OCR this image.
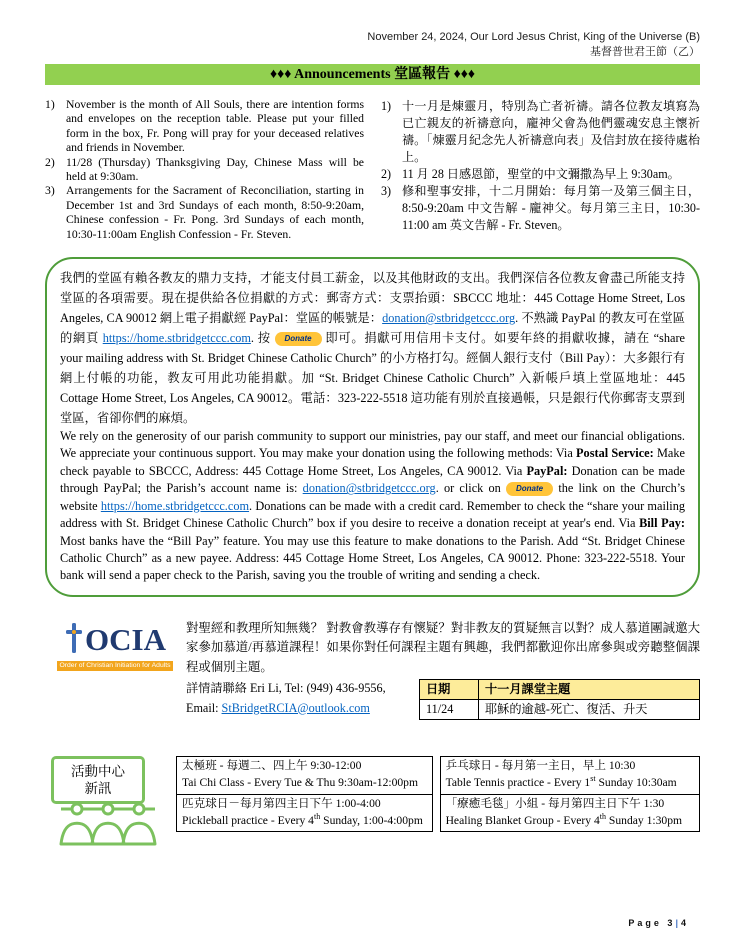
November 24, 2024, Our Lord Jesus Christ, King of the Universe (B)
基督普世君王節（乙）
♦♦♦ Announcements 堂區報告 ♦♦♦
1) November is the month of All Souls, there are intention forms and envelopes on the reception table. Please put your filled form in the box, Fr. Pong will pray for your deceased relatives and friends in November.
2) 11/28 (Thursday) Thanksgiving Day, Chinese Mass will be held at 9:30am.
3) Arrangements for the Sacrament of Reconciliation, starting in December 1st and 3rd Sundays of each month, 8:50-9:20am, Chinese confession - Fr. Pong. 3rd Sundays of each month, 10:30-11:00am English Confession - Fr. Steven.
1) 十一月是煉靈月，特別為亡者祈禱。請各位教友填寫為已亡親友的祈禱意向，龐神父會為他們靈魂安息主懷祈禱。「煉靈月紀念先人祈禱意向表」及信封放在接待處枱上。
2) 11 月 28 日感恩節，聖堂的中文彌撒為早上 9:30am。
3) 修和聖事安排，十二月開始：每月第一及第三個主日，8:50-9:20am 中文告解 - 龐神父。每月第三主日，10:30-11:00 am 英文告解 - Fr. Steven。

我們的堂區有賴各教友的鼎力支持，才能支付員工薪金，以及其他財政的支出。我們深信各位教友會盡己所能支持堂區的各項需要。現在提供給各位捐獻的方式：郵寄方式：支票抬頭：SBCCC 地址：445 Cottage Home Street, Los Angeles, CA 90012 網上電子捐獻經 PayPal：堂區的帳號是：donation@stbridgetccc.org. 不熟識 PayPal 的教友可在堂區的網頁 https://home.stbridgetccc.com. 按 Donate 即可。捐獻可用信用卡支付。如要年終的捐獻收據，請在 “share your mailing address with St. Bridget Chinese Catholic Church” 的小方格打勾。經個人銀行支付（Bill Pay）：大多銀行有網上付帳的功能，教友可用此功能捐獻。加 “St. Bridget Chinese Catholic Church” 入新帳戶填上堂區地址：445 Cottage Home Street, Los Angeles, CA 90012。電話：323-222-5518 這功能有別於直接過帳，只是銀行代你郵寄支票到堂區，省卻你們的麻煩。

We rely on the generosity of our parish community to support our ministries, pay our staff, and meet our financial obligations. We appreciate your continuous support. You may make your donation using the following methods: Via Postal Service: Make check payable to SBCCC, Address: 445 Cottage Home Street, Los Angeles, CA 90012. Via PayPal: Donation can be made through PayPal; the Parish’s account name is: donation@stbridgetccc.org. or click on Donate the link on the Church’s website https://home.stbridgetccc.com. Donations can be made with a credit card. Remember to check the “share your mailing address with St. Bridget Chinese Catholic Church” box if you desire to receive a donation receipt at year's end. Via Bill Pay: Most banks have the “Bill Pay” feature. You may use this feature to make donations to the Parish. Add “St. Bridget Chinese Catholic Church” as a new payee. Address: 445 Cottage Home Street, Los Angeles, CA 90012. Phone: 323-222-5518. Your bank will send a paper check to the Parish, saving you the trouble of writing and sending a check.

OCIA
Order of Christian Initiation for Adults
對聖經和教理所知無幾？ 對教會教導存有懷疑？對非教友的質疑無言以對？成人慕道團誠邀大家參加慕道/再慕道課程！如果你對任何課程主題有興趣，我們都歡迎你出席參與或旁聽整個課程或個別主題。
詳情請聯絡 Eri Li, Tel: (949) 436-9556,
Email: StBridgetRCIA@outlook.com
日期	十一月課堂主題
11/24	耶穌的逾越-死亡、復活、升天
活動中心
新訊
太極班 - 每週二、四上午 9:30-12:00
Tai Chi Class - Every Tue & Thu 9:30am-12:00pm

匹克球日－每月第四主日下午 1:00-4:00
Pickleball practice - Every 4th Sunday, 1:00-4:00pm
乒乓球日 - 每月第一主日，早上 10:30
Table Tennis practice - Every 1st Sunday 10:30am

「療癒毛毯」小組 - 每月第四主日下午 1:30
Healing Blanket Group - Every 4th Sunday 1:30pm
Page 3|4
